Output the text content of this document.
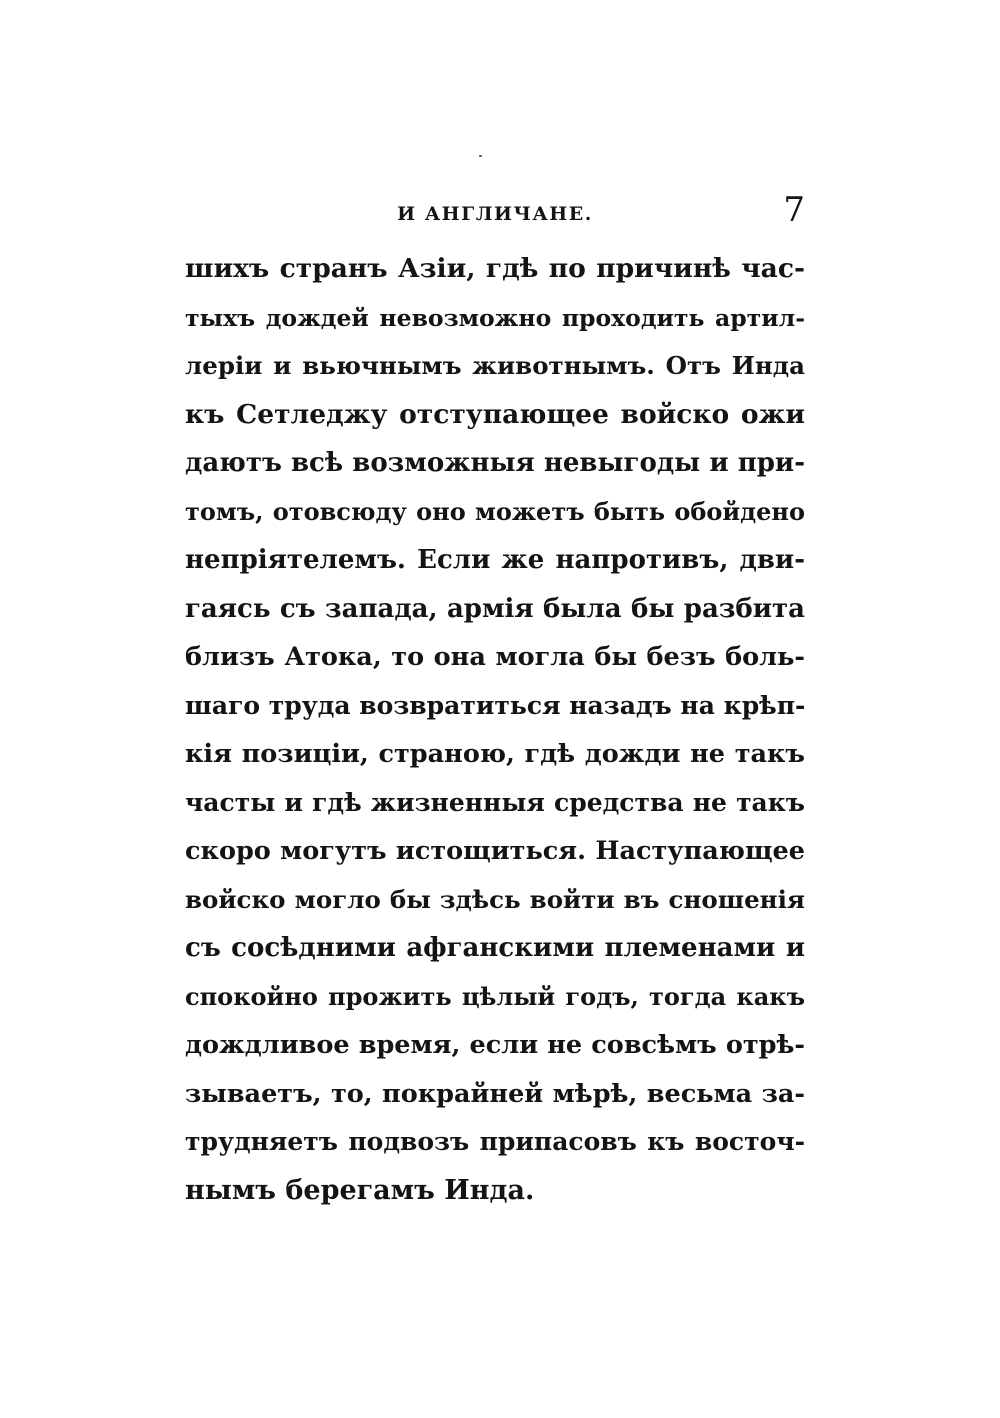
И АНГЛИЧАНЕ.	7
шихъ странъ Азіи, гдѣ по причинѣ час-
тыхъ дождей невозможно проходить артил-
леріи и вьючнымъ животнымъ. Отъ Инда
къ Сетледжу отступающее войско ожи
даютъ всѣ возможныя невыгоды и при-
томъ, отовсюду оно можетъ быть обойдено
непріятелемъ. Если же напротивъ, дви-
гаясь съ запада, армія была бы разбита
близъ Атока, то она могла бы безъ боль-
шаго труда возвратиться назадъ на крѣп-
кія позиціи, страною, гдѣ дожди не такъ
часты и гдѣ жизненныя средства не такъ
скоро могутъ истощиться. Наступающее
войско могло бы здѣсь войти въ сношенія
съ сосѣдними афганскими племенами и
спокойно прожить цѣлый годъ, тогда какъ
дождливое время, если не совсѣмъ отрѣ-
зываетъ, то, покрайней мѣрѣ, весьма за-
трудняетъ подвозъ припасовъ къ восточ-
нымъ берегамъ Инда.
